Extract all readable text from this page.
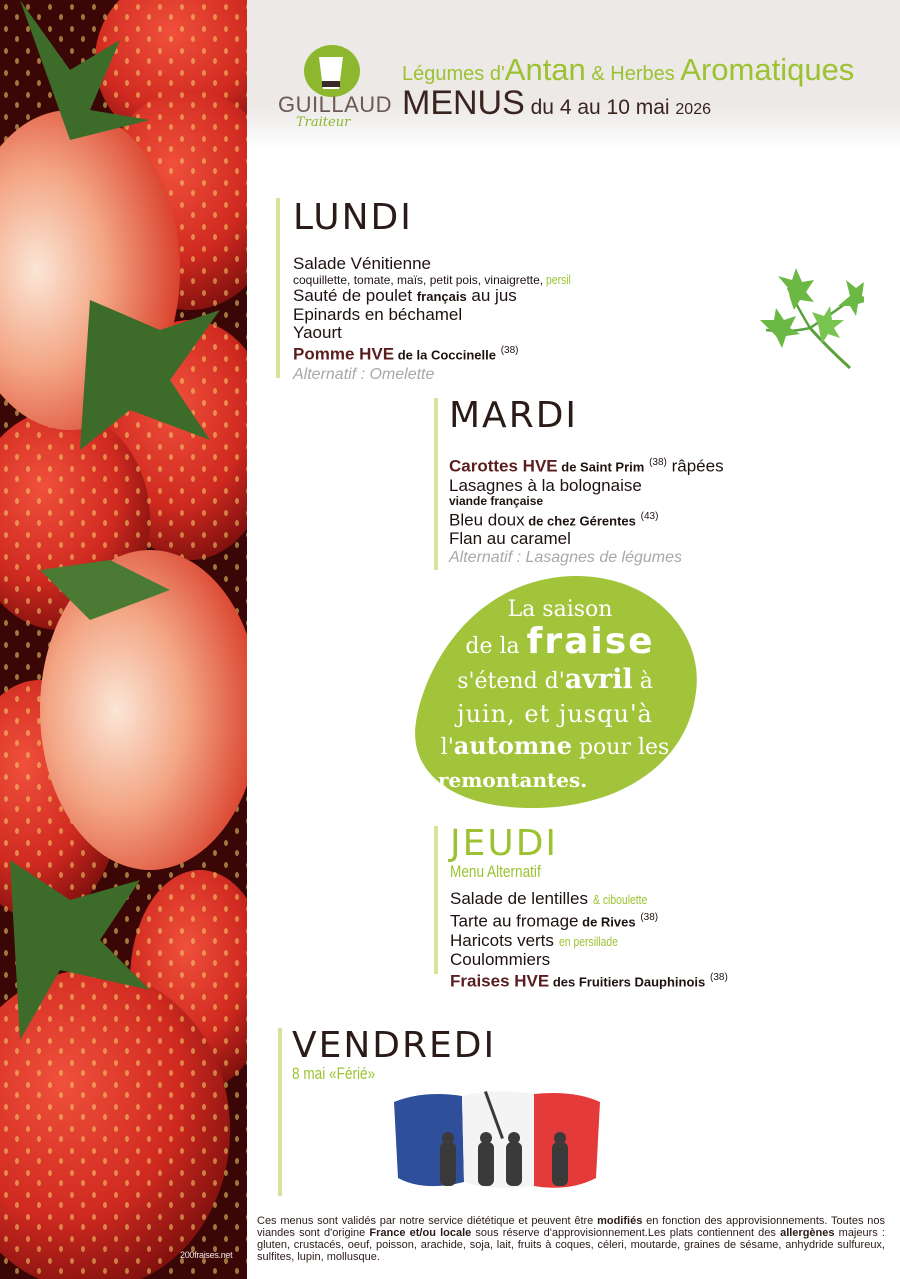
200fraises.net
GUILLAUD
Traiteur
Légumes d'Antan & Herbes Aromatiques
MENUS du 4 au 10 mai 2026
LUNDI
Salade Vénitienne
coquillette, tomate, maïs, petit pois, vinaigrette, persil
Sauté de poulet français au jus
Epinards en béchamel
Yaourt
Pomme HVE de la Coccinelle $^{(38)}$
Alternatif : Omelette
MARDI
Carottes HVE de Saint Prim $^{(38)}$ râpées
Lasagnes à la bolognaise
viande française
Bleu doux de chez Gérentes $^{(43)}$
Flan au caramel
Alternatif : Lasagnes de légumes
La saison
de la fraise
s'étend d'avril à
juin, et jusqu'à
l'automne pour les
remontantes.
JEUDI
Menu Alternatif
Salade de lentilles & ciboulette
Tarte au fromage de Rives $^{(38)}$
Haricots verts en persillade
Coulommiers
Fraises HVE des Fruitiers Dauphinois $^{(38)}$
VENDREDI
8 mai «Férié»
Ces menus sont validés par notre service diététique et peuvent être modifiés en fonction des approvisionnements. Toutes nos viandes sont d'origine France et/ou locale sous réserve d'approvisionnement.Les plats contiennent des allergènes majeurs : gluten, crustacés, oeuf, poisson, arachide, soja, lait, fruits à coques, céleri, moutarde, graines de sésame, anhydride sulfureux, sulfites, lupin, mollusque.
